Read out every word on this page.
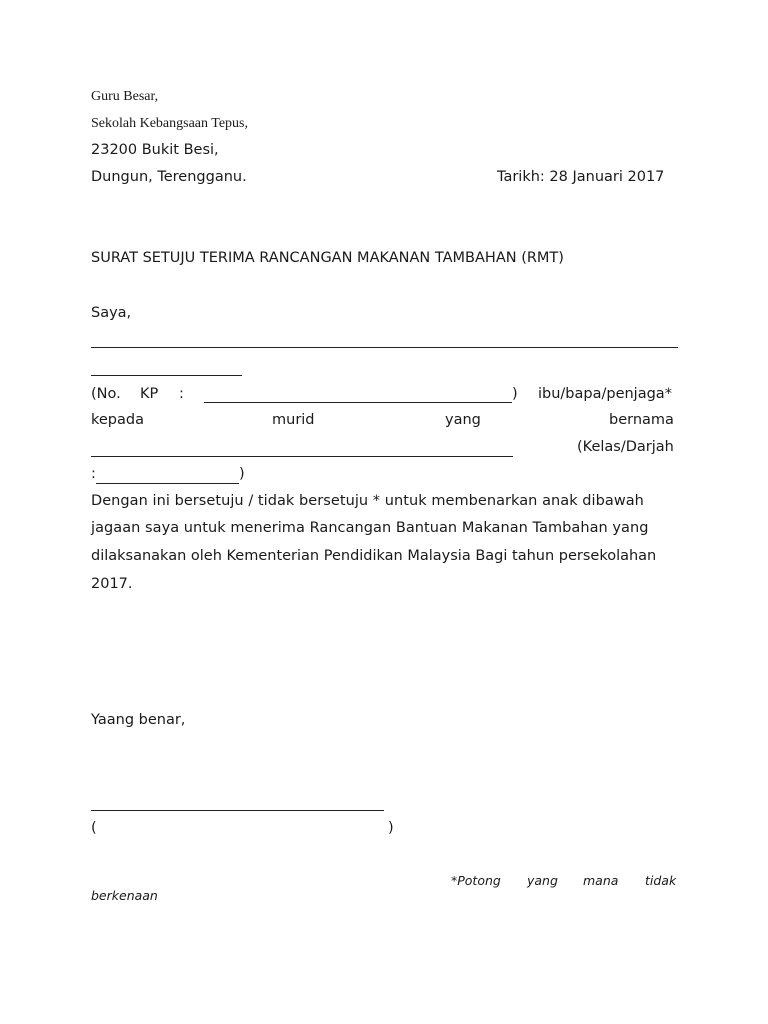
Guru Besar,
Sekolah Kebangsaan Tepus,
23200 Bukit Besi,
Dungun, Terengganu.	Tarikh: 28 Januari 2017
SURAT SETUJU TERIMA RANCANGAN MAKANAN TAMBAHAN (RMT)
Saya,
(No. KP :	) ibu/bapa/penjaga*
kepada	murid	yang	bernama
(Kelas/Darjah
:	)
Dengan ini bersetuju / tidak bersetuju * untuk membenarkan anak dibawah
jagaan saya untuk menerima Rancangan Bantuan Makanan Tambahan yang
dilaksanakan oleh Kementerian Pendidikan Malaysia Bagi tahun persekolahan
2017.
Yaang benar,
(	)
*Potong yang mana tidak
berkenaan
